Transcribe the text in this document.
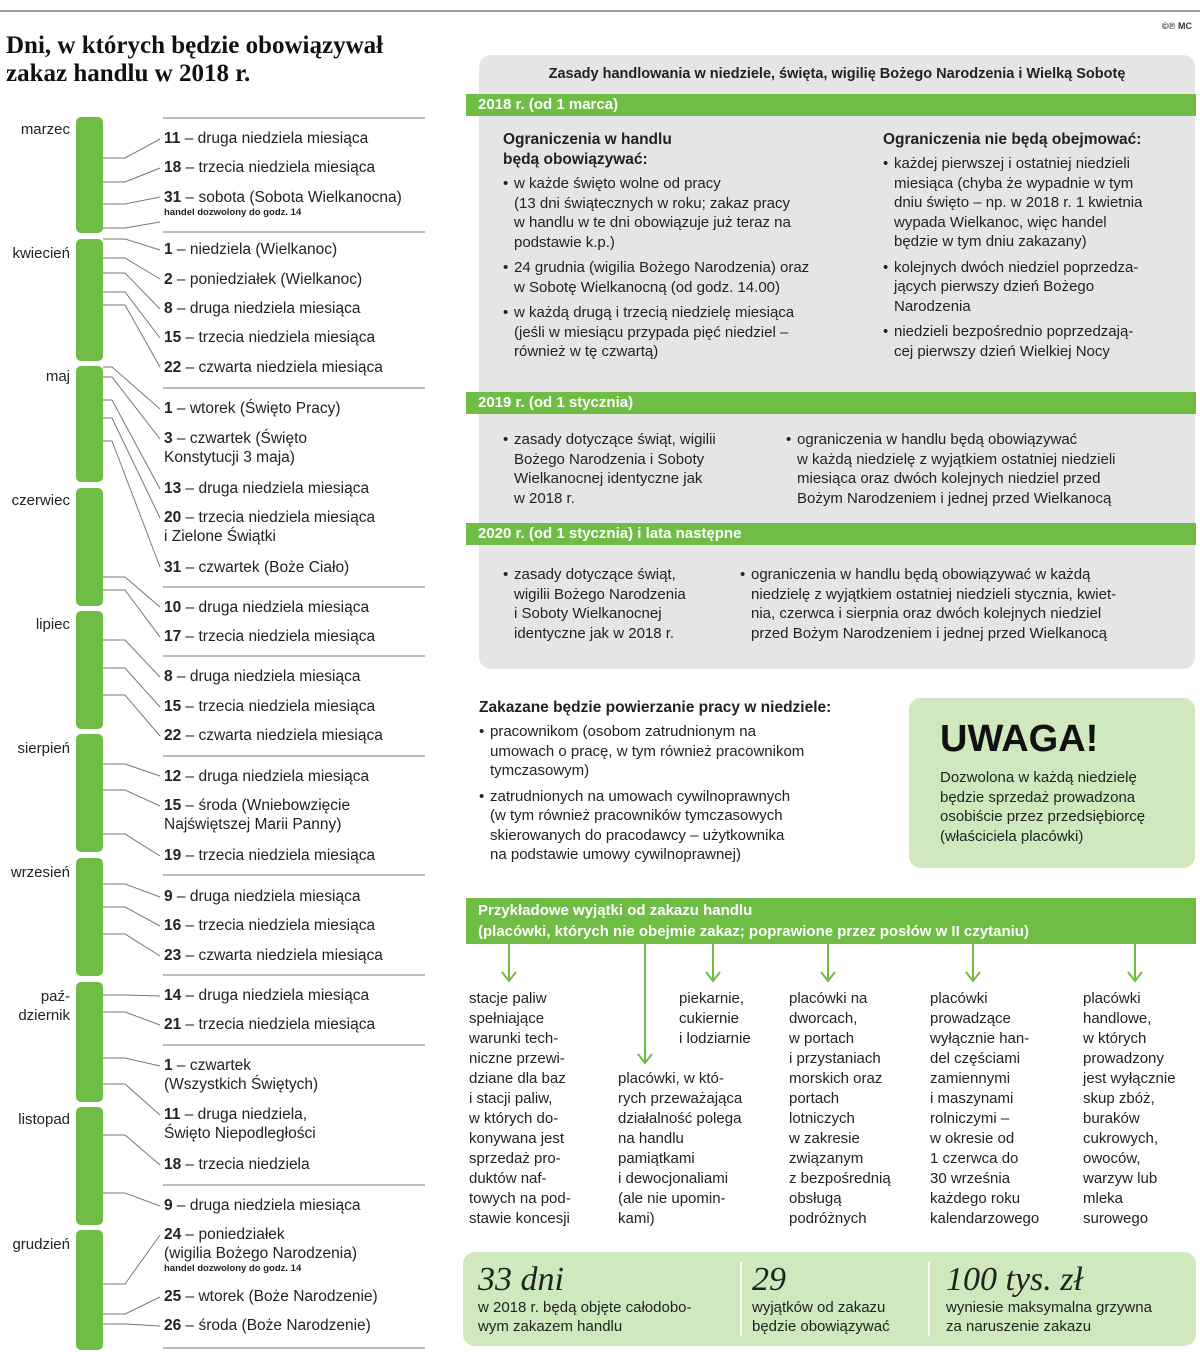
©℗ MC
Dni, w których będzie obowiązywał
zakaz handlu w 2018 r.
marzec
kwiecień
maj
czerwiec
lipiec
sierpień
wrzesień
paź-
dziernik
listopad
grudzień
11 – druga niedziela miesiąca
18 – trzecia niedziela miesiąca
31 – sobota (Sobota Wielkanocna)
handel dozwolony do godz. 14
1 – niedziela (Wielkanoc)
2 – poniedziałek (Wielkanoc)
8 – druga niedziela miesiąca
15 – trzecia niedziela miesiąca
22 – czwarta niedziela miesiąca
1 – wtorek (Święto Pracy)
3 – czwartek (Święto
Konstytucji 3 maja)
13 – druga niedziela miesiąca
20 – trzecia niedziela miesiąca
i Zielone Świątki
31 – czwartek (Boże Ciało)
10 – druga niedziela miesiąca
17 – trzecia niedziela miesiąca
8 – druga niedziela miesiąca
15 – trzecia niedziela miesiąca
22 – czwarta niedziela miesiąca
12 – druga niedziela miesiąca
15 – środa (Wniebowzięcie
Najświętszej Marii Panny)
19 – trzecia niedziela miesiąca
9 – druga niedziela miesiąca
16 – trzecia niedziela miesiąca
23 – czwarta niedziela miesiąca
14 – druga niedziela miesiąca
21 – trzecia niedziela miesiąca
1 – czwartek
(Wszystkich Świętych)
11 – druga niedziela,
Święto Niepodległości
18 – trzecia niedziela
9 – druga niedziela miesiąca
24 – poniedziałek
(wigilia Bożego Narodzenia)
handel dozwolony do godz. 14
25 – wtorek (Boże Narodzenie)
26 – środa (Boże Narodzenie)
Zasady handlowania w niedziele, święta, wigilię Bożego Narodzenia i Wielką Sobotę
2018 r. (od 1 marca)
Ograniczenia w handlu
będą obowiązywać:
• w każde święto wolne od pracy
(13 dni świątecznych w roku; zakaz pracy
w handlu w te dni obowiązuje już teraz na
podstawie k.p.)
• 24 grudnia (wigilia Bożego Narodzenia) oraz
w Sobotę Wielkanocną (od godz. 14.00)
• w każdą drugą i trzecią niedzielę miesiąca
(jeśli w miesiącu przypada pięć niedziel –
również w tę czwartą)
Ograniczenia nie będą obejmować:
• każdej pierwszej i ostatniej niedzieli
miesiąca (chyba że wypadnie w tym
dniu święto – np. w 2018 r. 1 kwietnia
wypada Wielkanoc, więc handel
będzie w tym dniu zakazany)
• kolejnych dwóch niedziel poprzedza-
jących pierwszy dzień Bożego
Narodzenia
• niedzieli bezpośrednio poprzedzają-
cej pierwszy dzień Wielkiej Nocy
2019 r. (od 1 stycznia)
• zasady dotyczące świąt, wigilii
Bożego Narodzenia i Soboty
Wielkanocnej identyczne jak
w 2018 r.
• ograniczenia w handlu będą obowiązywać
w każdą niedzielę z wyjątkiem ostatniej niedzieli
miesiąca oraz dwóch kolejnych niedziel przed
Bożym Narodzeniem i jednej przed Wielkanocą
2020 r. (od 1 stycznia) i lata następne
• zasady dotyczące świąt,
wigilii Bożego Narodzenia
i Soboty Wielkanocnej
identyczne jak w 2018 r.
• ograniczenia w handlu będą obowiązywać w każdą
niedzielę z wyjątkiem ostatniej niedzieli stycznia, kwiet-
nia, czerwca i sierpnia oraz dwóch kolejnych niedziel
przed Bożym Narodzeniem i jednej przed Wielkanocą
Zakazane będzie powierzanie pracy w niedziele:
• pracownikom (osobom zatrudnionym na
umowach o pracę, w tym również pracownikom
tymczasowym)
• zatrudnionych na umowach cywilnoprawnych
(w tym również pracowników tymczasowych
skierowanych do pracodawcy – użytkownika
na podstawie umowy cywilnoprawnej)
UWAGA!
Dozwolona w każdą niedzielę
będzie sprzedaż prowadzona
osobiście przez przedsiębiorcę
(właściciela placówki)
Przykładowe wyjątki od zakazu handlu
(placówki, których nie obejmie zakaz; poprawione przez posłów w II czytaniu)
stacje paliw
spełniające
warunki tech-
niczne przewi-
dziane dla baz
i stacji paliw,
w których do-
konywana jest
sprzedaż pro-
duktów naf-
towych na pod-
stawie koncesji
placówki, w któ-
rych przeważająca
działalność polega
na handlu
pamiątkami
i dewocjonaliami
(ale nie upomin-
kami)
piekarnie,
cukiernie
i lodziarnie
placówki na
dworcach,
w portach
i przystaniach
morskich oraz
portach
lotniczych
w zakresie
związanym
z bezpośrednią
obsługą
podróżnych
placówki
prowadzące
wyłącznie han-
del częściami
zamiennymi
i maszynami
rolniczymi –
w okresie od
1 czerwca do
30 września
każdego roku
kalendarzowego
placówki
handlowe,
w których
prowadzony
jest wyłącznie
skup zbóż,
buraków
cukrowych,
owoców,
warzyw lub
mleka
surowego
33 dni
w 2018 r. będą objęte całodobo-
wym zakazem handlu
29
wyjątków od zakazu
będzie obowiązywać
100 tys. zł
wyniesie maksymalna grzywna
za naruszenie zakazu
